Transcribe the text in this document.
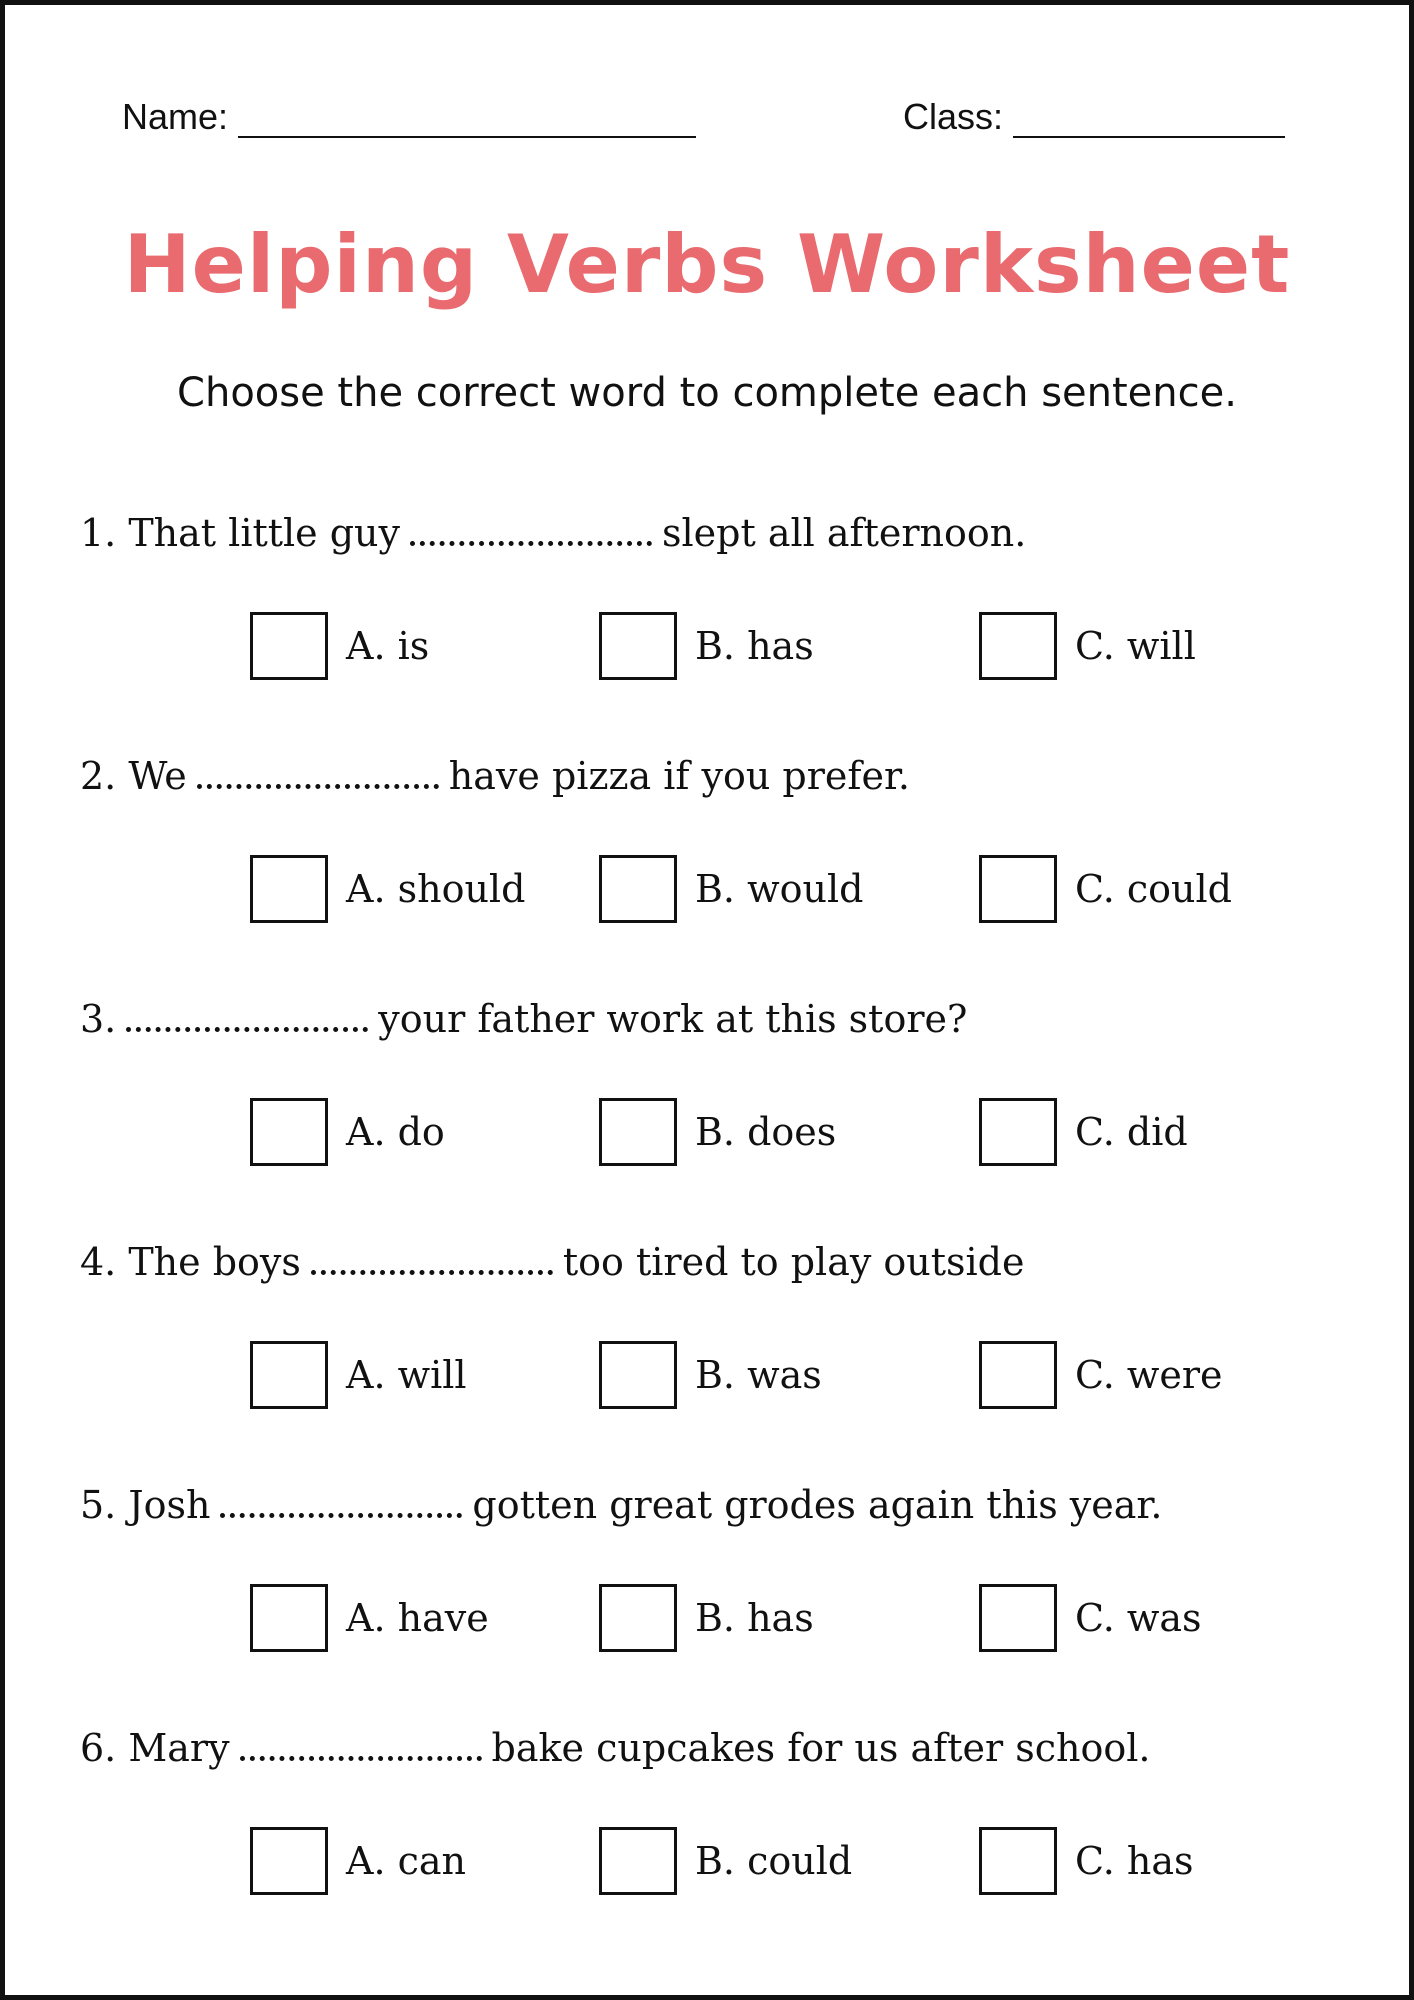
Name:	Class:
Helping Verbs Worksheet
Choose the correct word to complete each sentence.
1. That little guy	slept all afternoon.
A. is	B. has	C. will
2. We	have pizza if you prefer.
A. should	B. would	C. could
3.	your father work at this store?
A. do	B. does	C. did
4. The boys	too tired to play outside
A. will	B. was	C. were
5. Josh	gotten great grodes again this year.
A. have	B. has	C. was
6. Mary	bake cupcakes for us after school.
A. can	B. could	C. has
